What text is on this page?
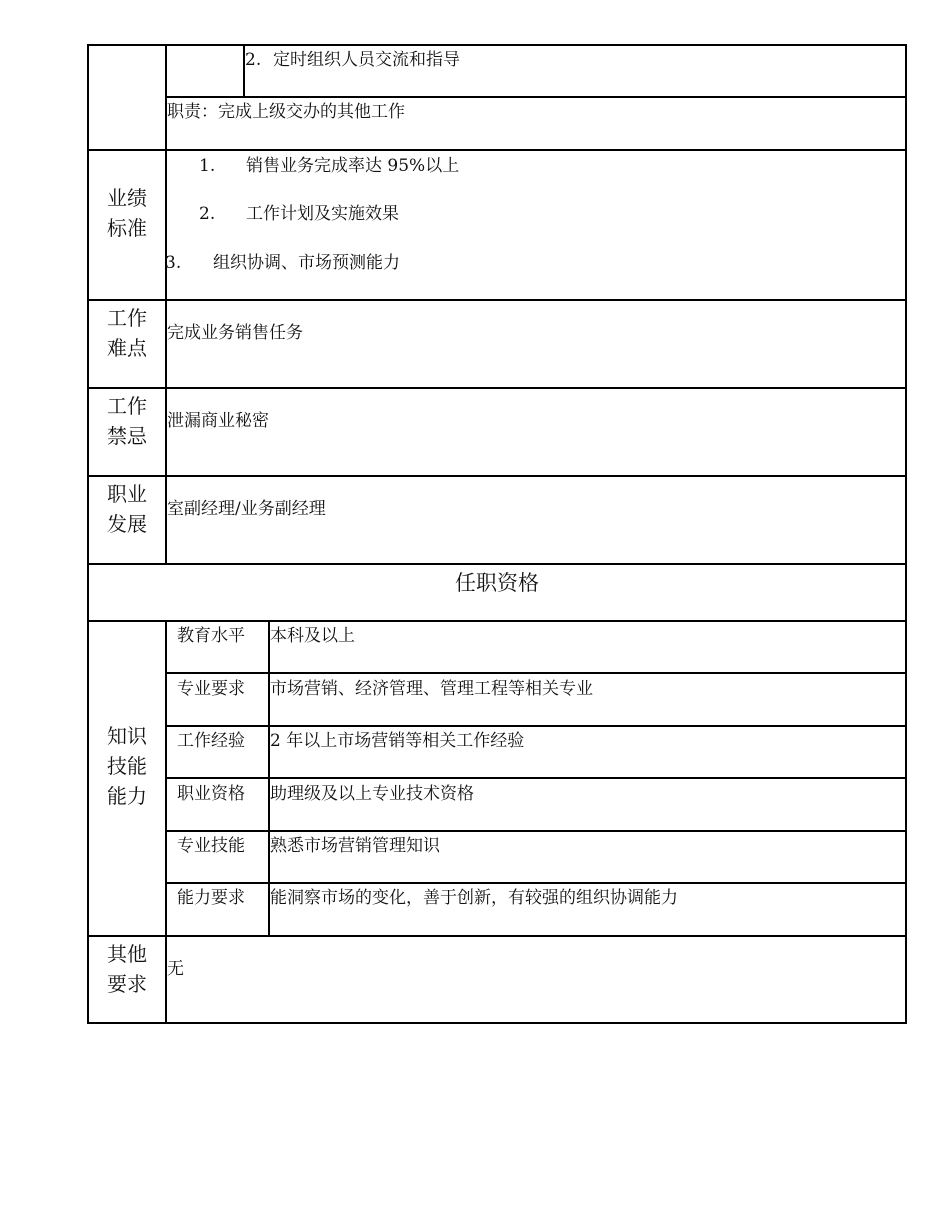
2. 定时组织人员交流和指导
职责：完成上级交办的其他工作
业绩
标准
1. 销售业务完成率达 95%以上
2. 工作计划及实施效果
3. 组织协调、市场预测能力
工作
难点
完成业务销售任务
工作
禁忌
泄漏商业秘密
职业
发展
室副经理/业务副经理
任职资格
知识
技能
能力
教育水平 本科及以上
专业要求 市场营销、经济管理、管理工程等相关专业
工作经验 2 年以上市场营销等相关工作经验
职业资格 助理级及以上专业技术资格
专业技能 熟悉市场营销管理知识
能力要求 能洞察市场的变化，善于创新，有较强的组织协调能力
其他
要求
无
